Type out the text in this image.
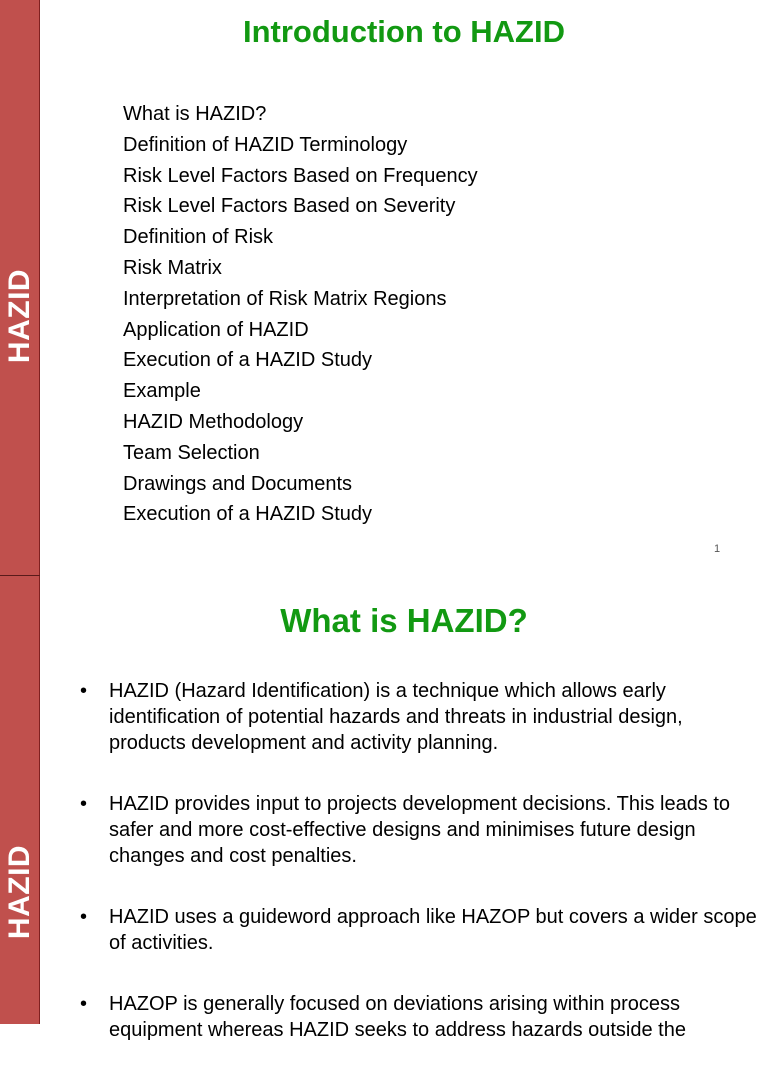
HAZID
Introduction to HAZID
What is HAZID?
Definition of HAZID Terminology
Risk Level Factors Based on Frequency
Risk Level Factors Based on Severity
Definition of Risk
Risk Matrix
Interpretation of Risk Matrix Regions
Application of HAZID
Execution of a HAZID Study
Example
HAZID Methodology
Team Selection
Drawings and Documents
Execution of a HAZID Study
1
HAZID
What is HAZID?
• HAZID (Hazard Identification) is a technique which allows early identification of potential hazards and threats in industrial design, products development and activity planning.
• HAZID provides input to projects development decisions. This leads to safer and more cost-effective designs and minimises future design changes and cost penalties.
• HAZID uses a guideword approach like HAZOP but covers a wider scope of activities.
• HAZOP is generally focused on deviations arising within process equipment whereas HAZID seeks to address hazards outside the
